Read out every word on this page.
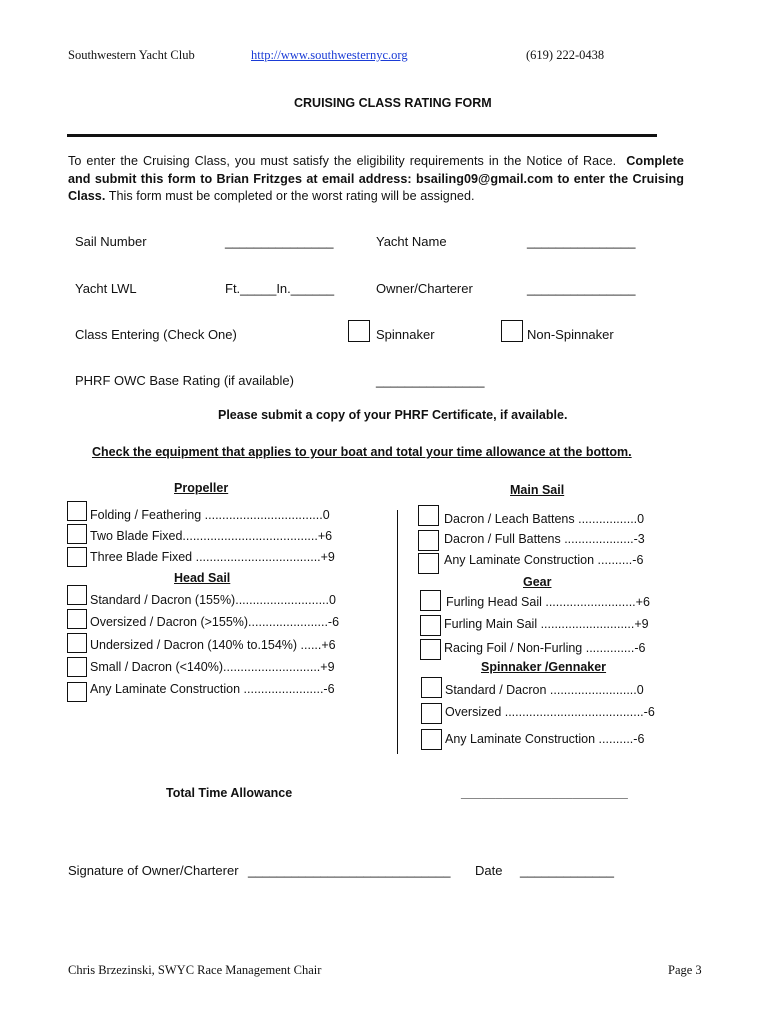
Southwestern Yacht Club	http://www.southwesternyc.org	(619) 222-0438
CRUISING CLASS RATING FORM
To enter the Cruising Class, you must satisfy the eligibility requirements in the Notice of Race. Complete and submit this form to Brian Fritzges at email address: bsailing09@gmail.com to enter the Cruising Class. This form must be completed or the worst rating will be assigned.
Sail Number	_______________	Yacht Name	_______________
Yacht LWL	Ft._____In.______	Owner/Charterer	_______________
Class Entering (Check One)	Spinnaker	Non-Spinnaker
PHRF OWC Base Rating (if available)	_______________
Please submit a copy of your PHRF Certificate, if available.
Check the equipment that applies to your boat and total your time allowance at the bottom.
Propeller
Folding / Feathering ..................................0
Two Blade Fixed.......................................+6
Three Blade Fixed ....................................+9
Head Sail
Standard / Dacron (155%)...........................0
Oversized / Dacron (>155%).......................-6
Undersized / Dacron (140% to.154%) ......+6
Small / Dacron (<140%)............................+9
Any Laminate Construction .......................-6
Main Sail
Dacron / Leach Battens .................0
Dacron / Full Battens ....................-3
Any Laminate Construction ..........-6
Gear
Furling Head Sail ..........................+6
Furling Main Sail ...........................+9
Racing Foil / Non-Furling ..............-6
Spinnaker /Gennaker
Standard / Dacron .........................0
Oversized ........................................-6
Any Laminate Construction ..........-6
Total Time Allowance	________________________
Signature of Owner/Charterer ____________________________ Date _____________
Chris Brzezinski, SWYC Race Management Chair	Page 3
